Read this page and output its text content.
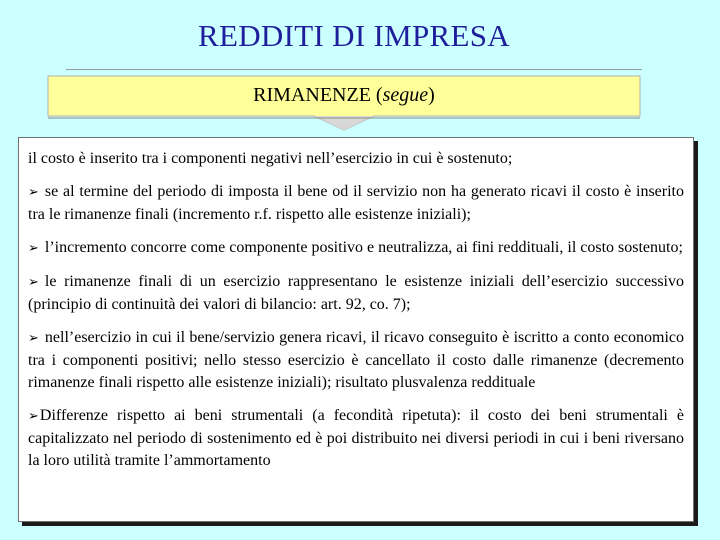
REDDITI DI IMPRESA
RIMANENZE (segue)

il costo è inserito tra i componenti negativi nell’esercizio in cui è sostenuto;

➢ se al termine del periodo di imposta il bene od il servizio non ha generato ricavi il costo è inserito tra le rimanenze finali (incremento r.f. rispetto alle esistenze iniziali);

➢ l’incremento concorre come componente positivo e neutralizza, ai fini reddituali, il costo sostenuto;

➢ le rimanenze finali di un esercizio rappresentano le esistenze iniziali dell’esercizio successivo (principio di continuità dei valori di bilancio: art. 92, co. 7);

➢ nell’esercizio in cui il bene/servizio genera ricavi, il ricavo conseguito è iscritto a conto economico tra i componenti positivi; nello stesso esercizio è cancellato il costo dalle rimanenze (decremento rimanenze finali rispetto alle esistenze iniziali); risultato plusvalenza reddituale

➢Differenze rispetto ai beni strumentali (a fecondità ripetuta): il costo dei beni strumentali è capitalizzato nel periodo di sostenimento ed è poi distribuito nei diversi periodi in cui i beni riversano la loro utilità tramite l’ammortamento
